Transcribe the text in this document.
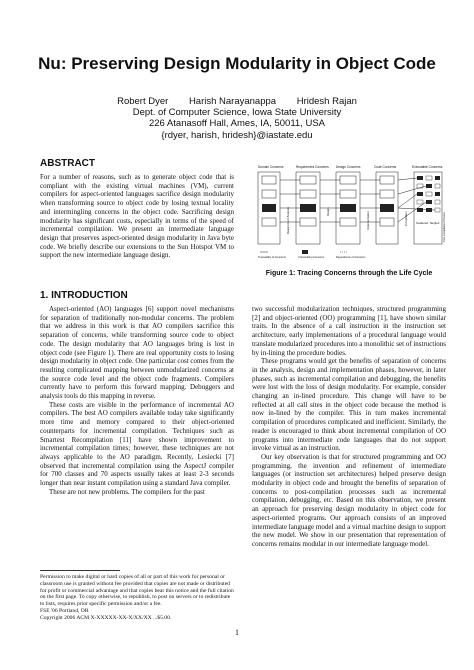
Nu: Preserving Design Modularity in Object Code
Robert Dyer Harish Narayanappa Hridesh Rajan
Dept. of Computer Science, Iowa State University
226 Atanasoff Hall, Ames, IA, 50011, USA
{rdyer, harish, hridesh}@iastate.edu
ABSTRACT

For a number of reasons, such as to generate object code that is compliant with the existing virtual machines (VM), current compilers for aspect-oriented languages sacrifice design modularity when transforming source to object code by losing textual locality and intermingling concerns in the object code. Sacrificing design modularity has significant costs, especially in terms of the speed of incremental compilation. We present an intermediate language design that preserves aspect-oriented design modularity in Java byte code. We briefly describe our extensions to the Sun Hotspot VM to support the new intermediate language design.

1. INTRODUCTION

Aspect-oriented (AO) languages [6] support novel mechanisms for separation of traditionally non-modular concerns. The problem that we address in this work is that AO compilers sacrifice this separation of concerns, while transforming source code to object code. The design modularity that AO languages bring is lost in object code (see Figure 1). There are real opportunity costs to losing design modularity in object code. One particular cost comes from the resulting complicated mapping between unmodularized concerns at the source code level and the object code fragments. Compilers currently have to perform this forward mapping. Debuggers and analysis tools do this mapping in reverse.

These costs are visible in the performance of incremental AO compilers. The best AO compilers available today take significantly more time and memory compared to their object-oriented counterparts for incremental compilation. Techniques such as Smartest Recompilation [11] have shown improvement to incremental compilation times; however, these techniques are not always applicable to the AO paradigm. Recently, Lesiecki [7] observed that incremental compilation using the AspectJ compiler for 700 classes and 70 aspects usually takes at least 2-3 seconds longer than near instant compilation using a standard Java compiler.

These are not new problems. The compilers for the past

Domain Concerns	Requirement Concerns Design Concerns	Code Concerns	Executable Concerns
Scattered, Tangled
Requirement Analysis	Design	Implementation	Compilation	Post Compilation Process
Traceability of Concerns	Crosscutting Concerns	Dependence of Concerns
Figure 1: Tracing Concerns through the Life Cycle

two successful modularization techniques, structured programming [2] and object-oriented (OO) programming [1], have shown similar traits. In the absence of a call instruction in the instruction set architecture, early implementations of a procedural language would translate modularized procedures into a monolithic set of instructions by in-lining the procedure bodies.

These programs would get the benefits of separation of concerns in the analysis, design and implementation phases, however, in later phases, such as incremental compilation and debugging, the benefits were lost with the loss of design modularity. For example, consider changing an in-lined procedure. This change will have to be reflected at all call sites in the object code because the method is now in-lined by the compiler. This in turn makes incremental compilation of procedures complicated and inefficient. Similarly, the reader is encouraged to think about incremental compilation of OO programs into intermediate code languages that do not support invoke virtual as an instruction.

Our key observation is that for structured programming and OO programming, the invention and refinement of intermediate languages (or instruction set architectures) helped preserve design modularity in object code and brought the benefits of separation of concerns to post-compilation processes such as incremental compilation, debugging, etc. Based on this observation, we present an approach for preserving design modularity in object code for aspect-oriented programs. Our approach consists of an improved intermediate language model and a virtual machine design to support the new model. We show in our presentation that representation of concerns remains modular in our intermediate language model.

Permission to make digital or hard copies of all or part of this work for personal or classroom use is granted without fee provided that copies are not made or distributed for profit or commercial advantage and that copies bear this notice and the full citation on the first page. To copy otherwise, to republish, to post on servers or to redistribute to lists, requires prior specific permission and/or a fee.
FSE '06 Portland, OR
Copyright 2006 ACM X-XXXXX-XX-X/XX/XX ...$5.00.
1
